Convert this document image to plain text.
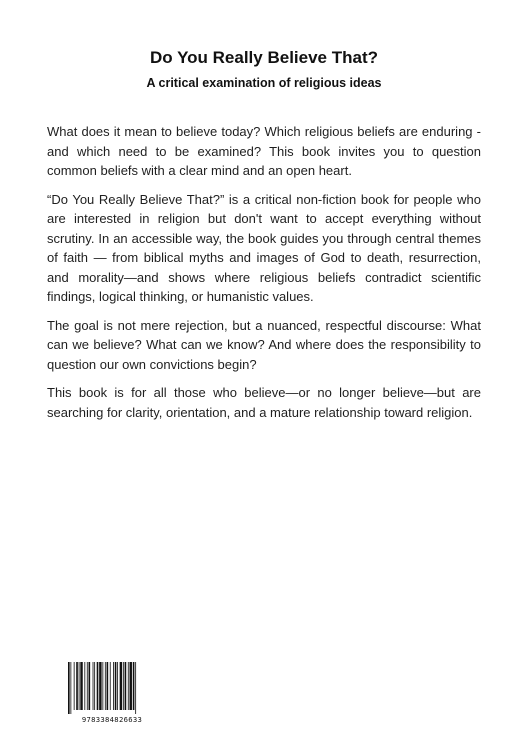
Do You Really Believe That?
A critical examination of religious ideas

What does it mean to believe today? Which religious beliefs are enduring - and which need to be examined? This book invites you to question common beliefs with a clear mind and an open heart.

“Do You Really Believe That?” is a critical non-fiction book for people who are interested in religion but don't want to accept everything without scrutiny. In an accessible way, the book guides you through central themes of faith — from biblical myths and images of God to death, resurrection, and morality—and shows where religious beliefs contradict scientific findings, logical thinking, or humanistic values.

The goal is not mere rejection, but a nuanced, respectful discourse: What can we believe? What can we know? And where does the responsibility to question our own convictions begin?

This book is for all those who believe—or no longer believe—but are searching for clarity, orientation, and a mature relationship toward religion.

9783384826633
